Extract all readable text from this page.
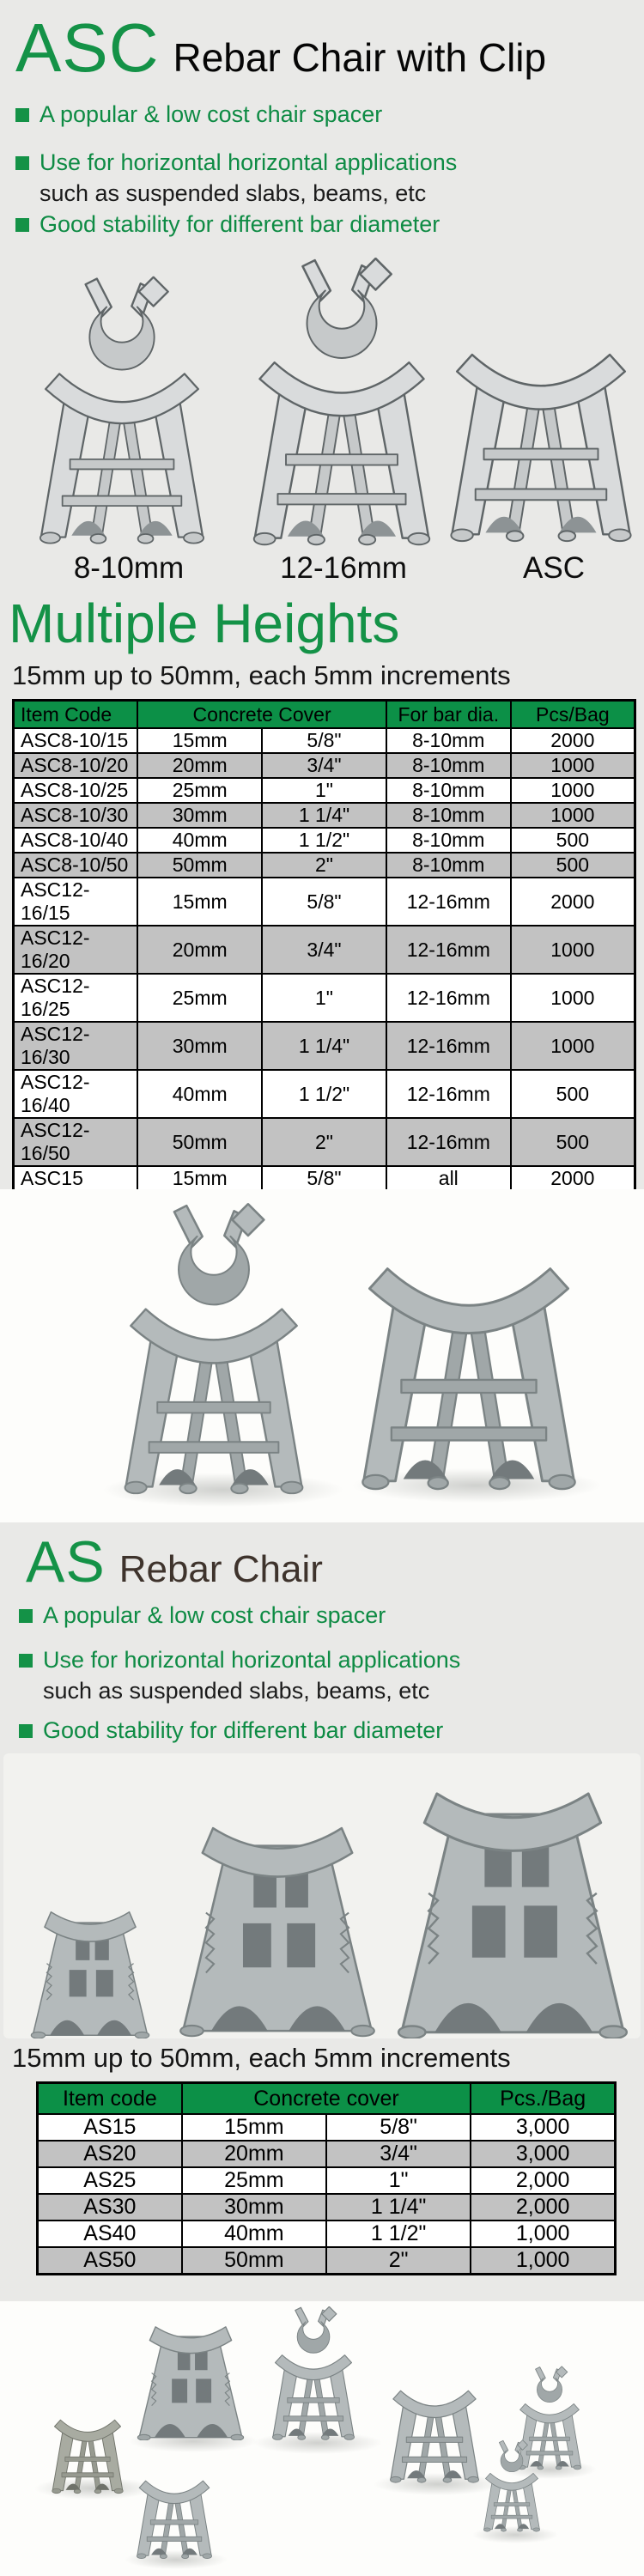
ASC Rebar Chair with Clip
A popular & low cost chair spacer
Use for horizontal horizontal applications
such as suspended slabs, beams, etc
Good stability for different bar diameter
8-10mm	12-16mm	ASC
Multiple Heights
15mm up to 50mm, each 5mm increments
Item Code	Concrete Cover		For bar dia.	Pcs/Bag
ASC8-10/15	15mm	5/8"	8-10mm	2000
ASC8-10/20	20mm	3/4"	8-10mm	1000
ASC8-10/25	25mm	1"	8-10mm	1000
ASC8-10/30	30mm	1 1/4"	8-10mm	1000
ASC8-10/40	40mm	1 1/2"	8-10mm	500
ASC8-10/50	50mm	2"	8-10mm	500
ASC12-16/15	15mm	5/8"	12-16mm	2000
ASC12-16/20	20mm	3/4"	12-16mm	1000
ASC12-16/25	25mm	1"	12-16mm	1000
ASC12-16/30	30mm	1 1/4"	12-16mm	1000
ASC12-16/40	40mm	1 1/2"	12-16mm	500
ASC12-16/50	50mm	2"	12-16mm	500
ASC15	15mm	5/8"	all	2000

AS Rebar Chair
A popular & low cost chair spacer
Use for horizontal horizontal applications
such as suspended slabs, beams, etc
Good stability for different bar diameter
15mm up to 50mm, each 5mm increments
Item code	Concrete cover		Pcs./Bag
AS15	15mm	5/8"	3,000
AS20	20mm	3/4"	3,000
AS25	25mm	1"	2,000
AS30	30mm	1 1/4"	2,000
AS40	40mm	1 1/2"	1,000
AS50	50mm	2"	1,000
